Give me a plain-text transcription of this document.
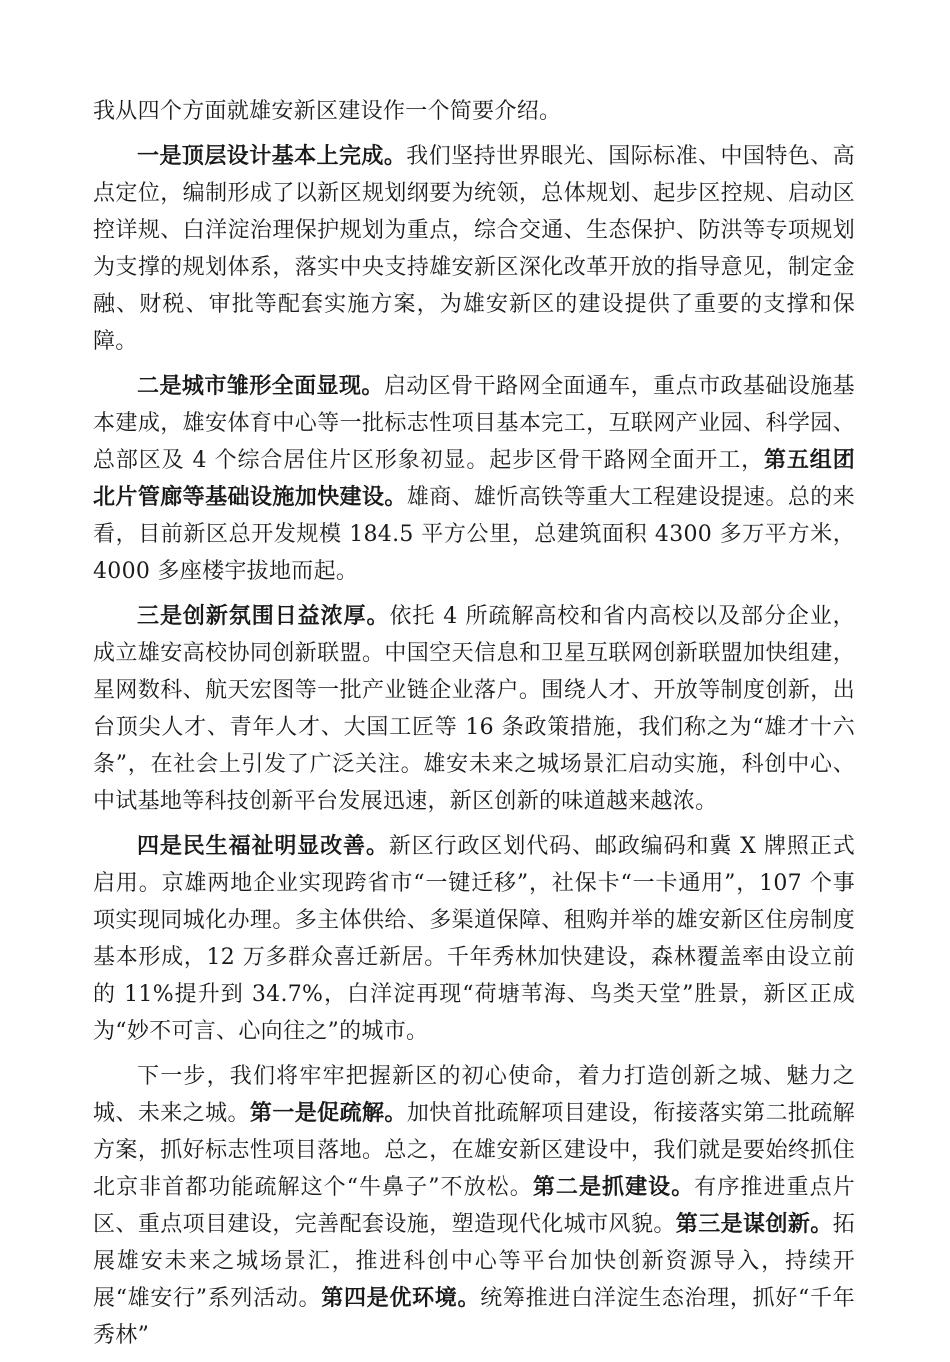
我从四个方面就雄安新区建设作一个简要介绍。

一是顶层设计基本上完成。我们坚持世界眼光、国际标准、中国特色、高点定位，编制形成了以新区规划纲要为统领，总体规划、起步区控规、启动区控详规、白洋淀治理保护规划为重点，综合交通、生态保护、防洪等专项规划为支撑的规划体系，落实中央支持雄安新区深化改革开放的指导意见，制定金融、财税、审批等配套实施方案，为雄安新区的建设提供了重要的支撑和保障。

二是城市雏形全面显现。启动区骨干路网全面通车，重点市政基础设施基本建成，雄安体育中心等一批标志性项目基本完工，互联网产业园、科学园、总部区及 4 个综合居住片区形象初显。起步区骨干路网全面开工，第五组团北片管廊等基础设施加快建设。雄商、雄忻高铁等重大工程建设提速。总的来看，目前新区总开发规模 184.5 平方公里，总建筑面积 4300 多万平方米，4000 多座楼宇拔地而起。

三是创新氛围日益浓厚。依托 4 所疏解高校和省内高校以及部分企业，成立雄安高校协同创新联盟。中国空天信息和卫星互联网创新联盟加快组建，星网数科、航天宏图等一批产业链企业落户。围绕人才、开放等制度创新，出台顶尖人才、青年人才、大国工匠等 16 条政策措施，我们称之为“雄才十六条”，在社会上引发了广泛关注。雄安未来之城场景汇启动实施，科创中心、中试基地等科技创新平台发展迅速，新区创新的味道越来越浓。

四是民生福祉明显改善。新区行政区划代码、邮政编码和冀 X 牌照正式启用。京雄两地企业实现跨省市“一键迁移”，社保卡“一卡通用”，107 个事项实现同城化办理。多主体供给、多渠道保障、租购并举的雄安新区住房制度基本形成，12 万多群众喜迁新居。千年秀林加快建设，森林覆盖率由设立前的 11%提升到 34.7%，白洋淀再现“荷塘苇海、鸟类天堂”胜景，新区正成为“妙不可言、心向往之”的城市。

下一步，我们将牢牢把握新区的初心使命，着力打造创新之城、魅力之城、未来之城。第一是促疏解。加快首批疏解项目建设，衔接落实第二批疏解方案，抓好标志性项目落地。总之，在雄安新区建设中，我们就是要始终抓住北京非首都功能疏解这个“牛鼻子”不放松。第二是抓建设。有序推进重点片区、重点项目建设，完善配套设施，塑造现代化城市风貌。第三是谋创新。拓展雄安未来之城场景汇，推进科创中心等平台加快创新资源导入，持续开展“雄安行”系列活动。第四是优环境。统筹推进白洋淀生态治理，抓好“千年秀林”
